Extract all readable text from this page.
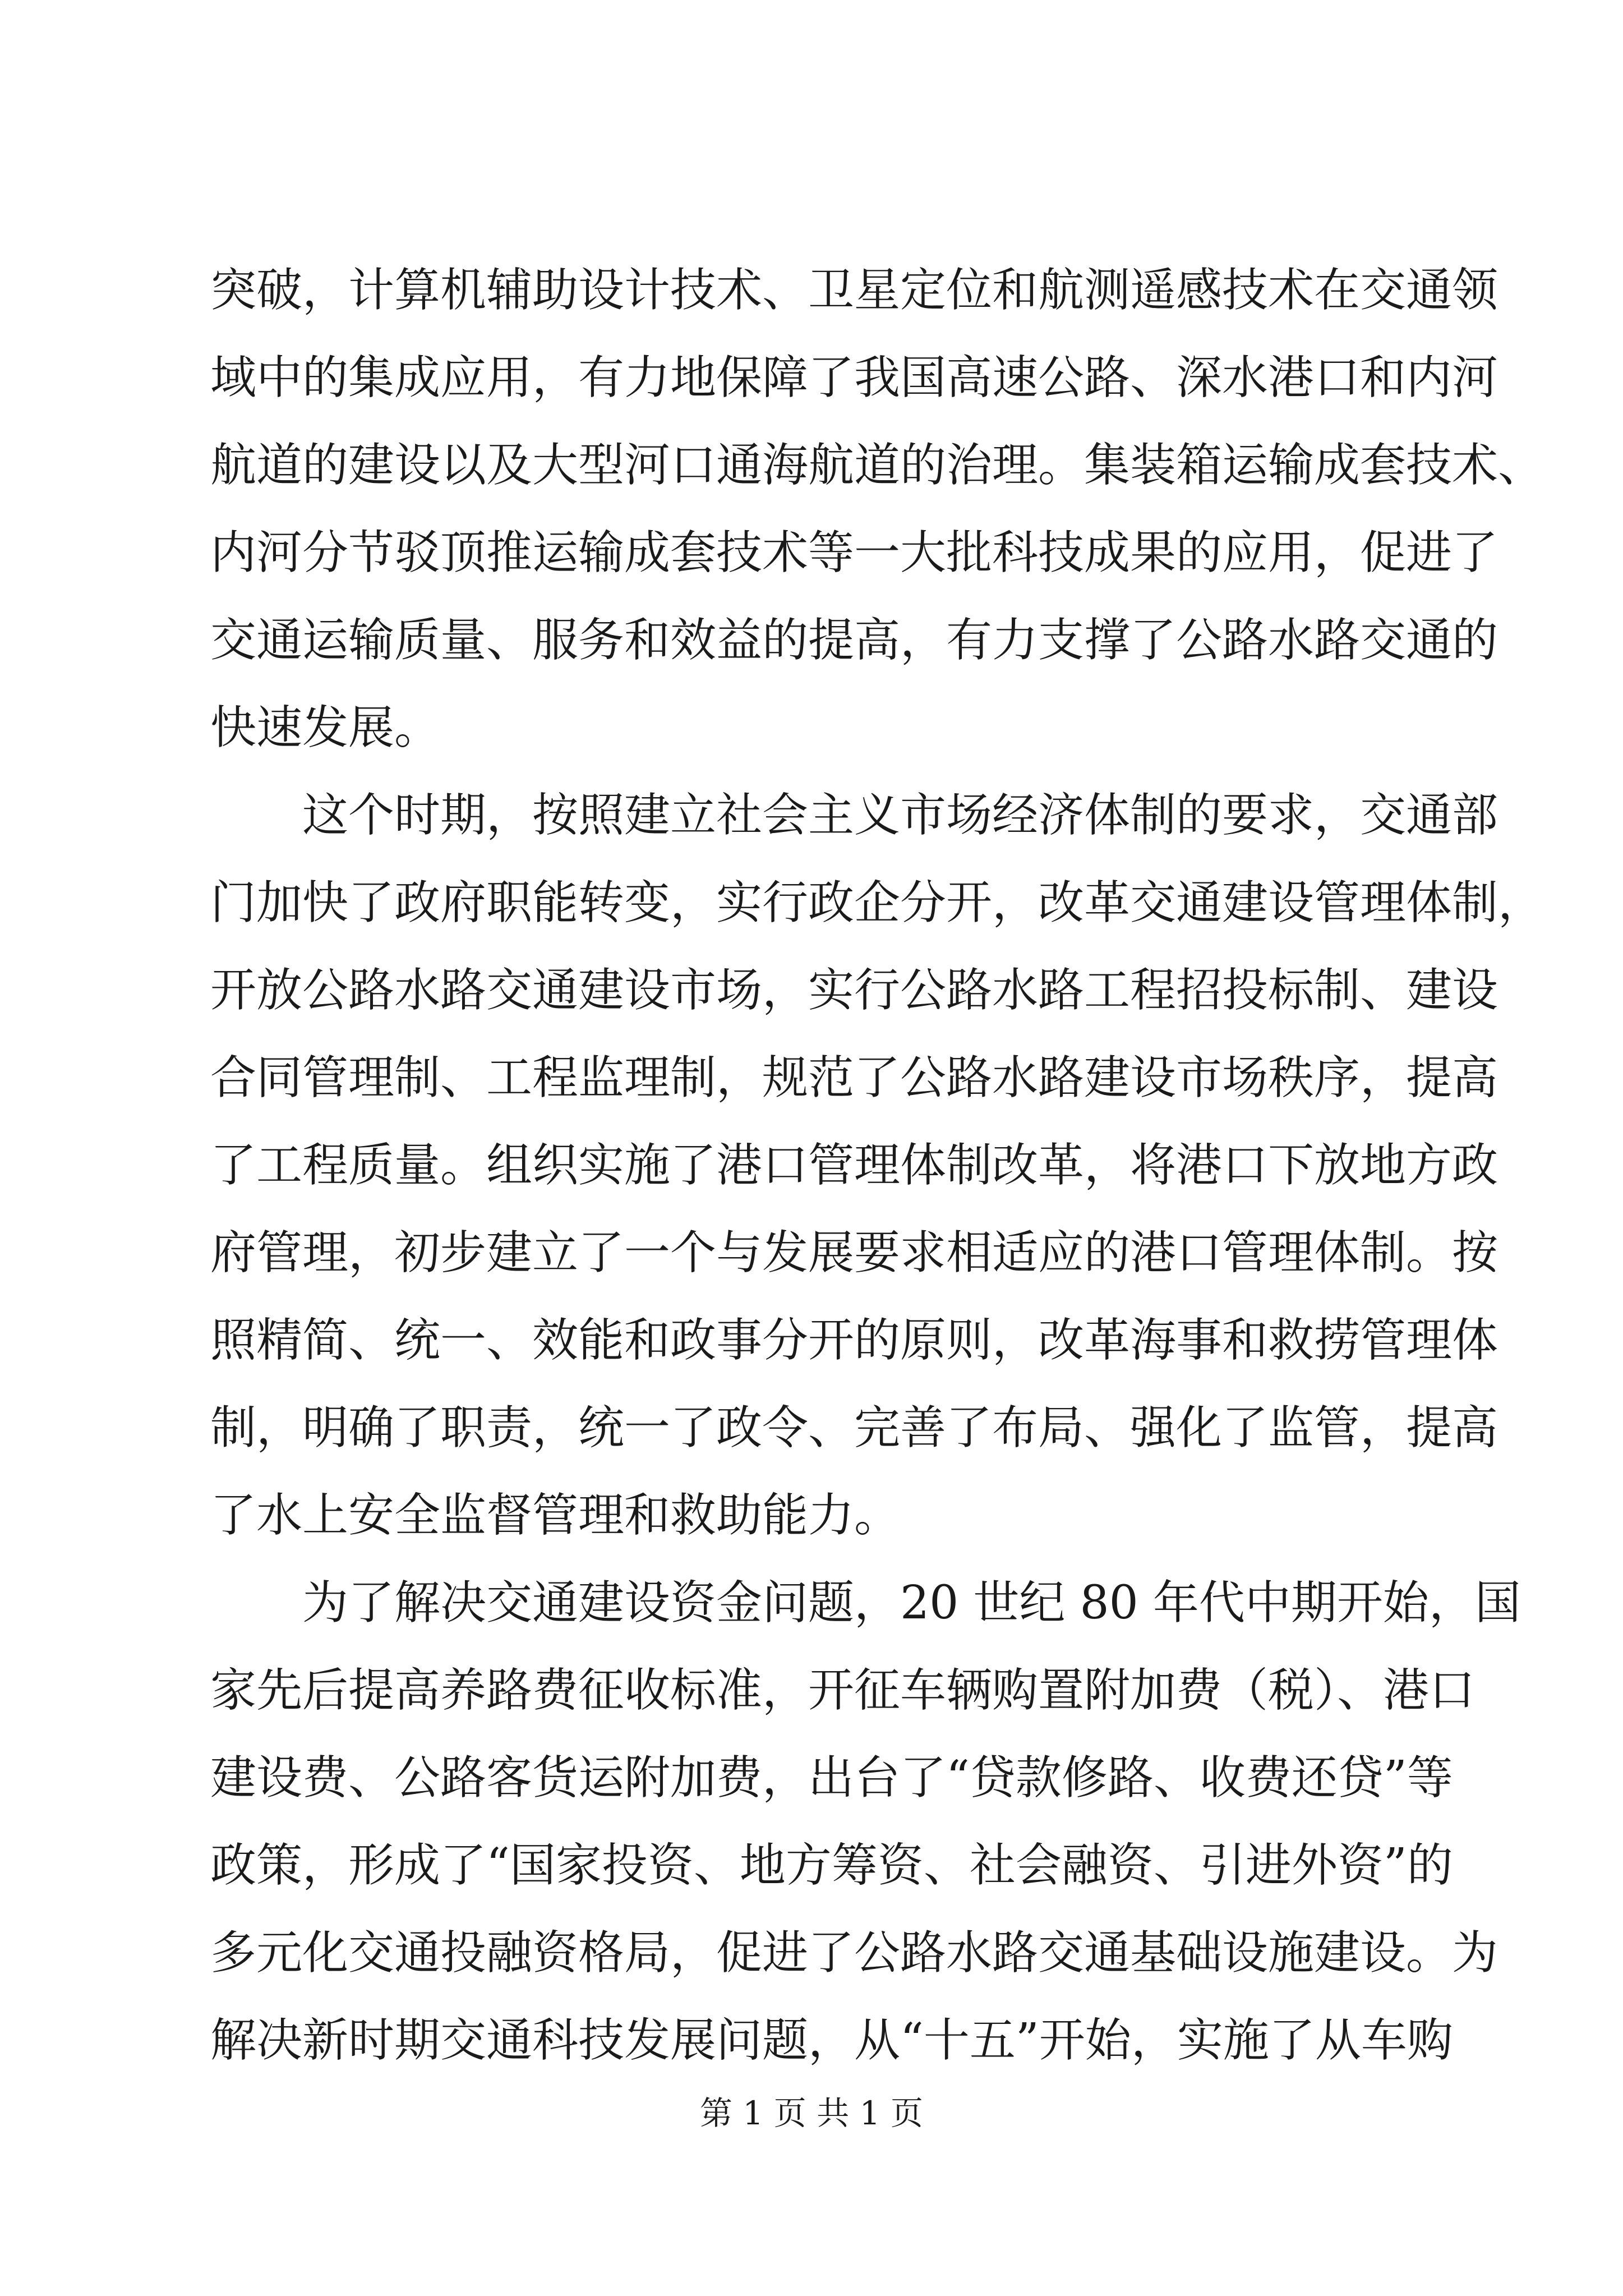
突破，计算机辅助设计技术、卫星定位和航测遥感技术在交通领
域中的集成应用，有力地保障了我国高速公路、深水港口和内河
航道的建设以及大型河口通海航道的治理。集装箱运输成套技术、
内河分节驳顶推运输成套技术等一大批科技成果的应用，促进了
交通运输质量、服务和效益的提高，有力支撑了公路水路交通的
快速发展。
　　这个时期，按照建立社会主义市场经济体制的要求，交通部
门加快了政府职能转变，实行政企分开，改革交通建设管理体制，
开放公路水路交通建设市场，实行公路水路工程招投标制、建设
合同管理制、工程监理制，规范了公路水路建设市场秩序，提高
了工程质量。组织实施了港口管理体制改革，将港口下放地方政
府管理，初步建立了一个与发展要求相适应的港口管理体制。按
照精简、统一、效能和政事分开的原则，改革海事和救捞管理体
制，明确了职责，统一了政令、完善了布局、强化了监管，提高
了水上安全监督管理和救助能力。
　　为了解决交通建设资金问题，20 世纪 80 年代中期开始，国
家先后提高养路费征收标准，开征车辆购置附加费（税）、港口
建设费、公路客货运附加费，出台了“贷款修路、收费还贷”等
政策，形成了“国家投资、地方筹资、社会融资、引进外资”的
多元化交通投融资格局，促进了公路水路交通基础设施建设。为
解决新时期交通科技发展问题，从“十五”开始，实施了从车购
第 1 页 共 1 页
